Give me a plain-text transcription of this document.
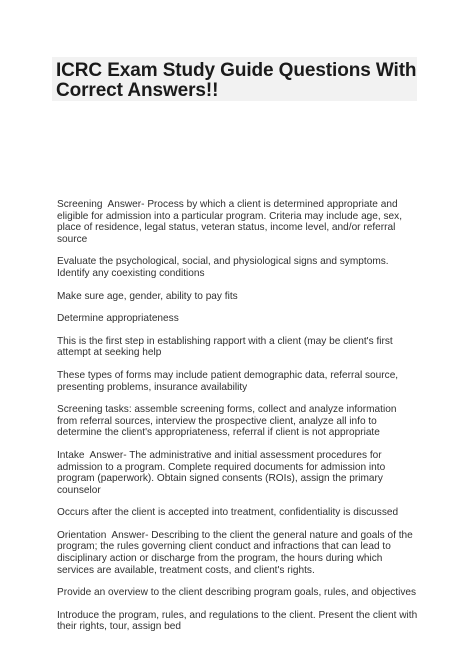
ICRC Exam Study Guide Questions With Correct Answers!!

Screening  Answer- Process by which a client is determined appropriate and eligible for admission into a particular program. Criteria may include age, sex, place of residence, legal status, veteran status, income level, and/or referral source

Evaluate the psychological, social, and physiological signs and symptoms. Identify any coexisting conditions

Make sure age, gender, ability to pay fits

Determine appropriateness

This is the first step in establishing rapport with a client (may be client's first attempt at seeking help

These types of forms may include patient demographic data, referral source, presenting problems, insurance availability

Screening tasks: assemble screening forms, collect and analyze information from referral sources, interview the prospective client, analyze all info to determine the client's appropriateness, referral if client is not appropriate

Intake  Answer- The administrative and initial assessment procedures for admission to a program. Complete required documents for admission into program (paperwork). Obtain signed consents (ROIs), assign the primary counselor

Occurs after the client is accepted into treatment, confidentiality is discussed

Orientation  Answer- Describing to the client the general nature and goals of the program; the rules governing client conduct and infractions that can lead to disciplinary action or discharge from the program, the hours during which services are available, treatment costs, and client's rights.

Provide an overview to the client describing program goals, rules, and objectives

Introduce the program, rules, and regulations to the client. Present the client with their rights, tour, assign bed
